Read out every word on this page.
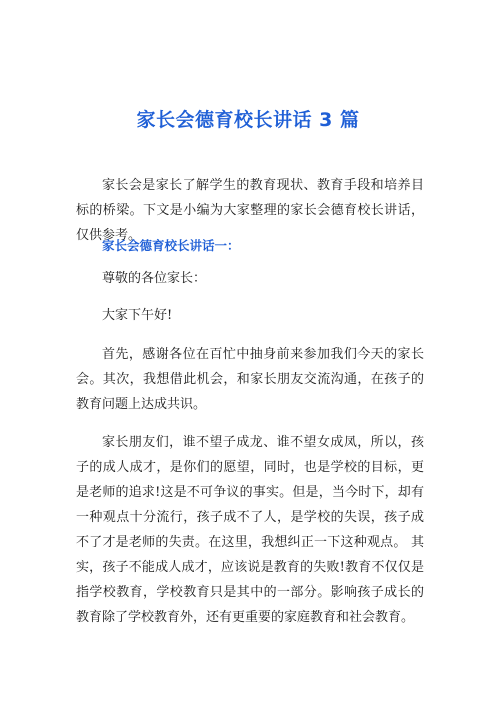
家长会德育校长讲话 3 篇

家长会是家长了解学生的教育现状、教育手段和培养目标的桥梁。下文是小编为大家整理的家长会德育校长讲话，仅供参考。

家长会德育校长讲话一：

尊敬的各位家长：

大家下午好!

首先，感谢各位在百忙中抽身前来参加我们今天的家长会。其次，我想借此机会，和家长朋友交流沟通，在孩子的教育问题上达成共识。

家长朋友们，谁不望子成龙、谁不望女成凤，所以，孩子的成人成才，是你们的愿望，同时，也是学校的目标，更是老师的追求!这是不可争议的事实。但是，当今时下，却有一种观点十分流行，孩子成不了人，是学校的失误，孩子成不了才是老师的失责。在这里，我想纠正一下这种观点。 其实，孩子不能成人成才，应该说是教育的失败!教育不仅仅是指学校教育，学校教育只是其中的一部分。影响孩子成长的教育除了学校教育外，还有更重要的家庭教育和社会教育。
